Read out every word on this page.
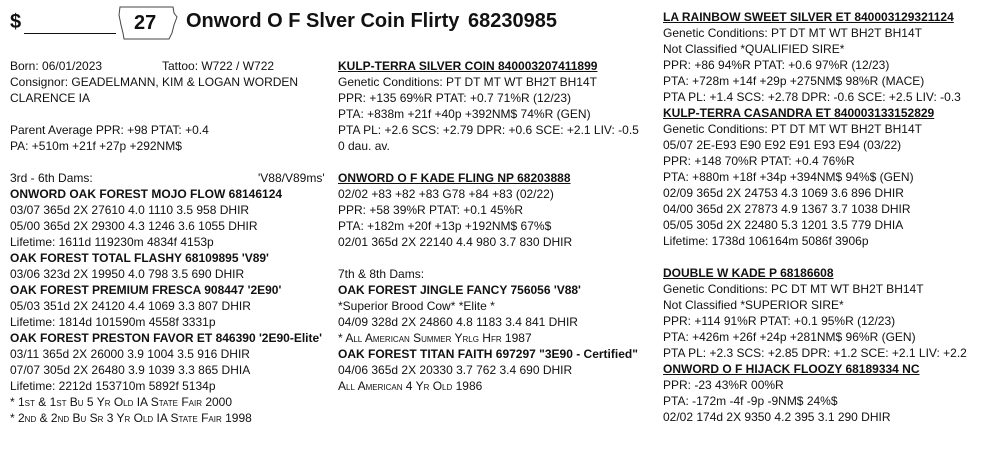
$	27 Onword O F Slver Coin Flirty 68230985
Born: 06/01/2023	Tattoo: W722 / W722
Consignor: GEADELMANN, KIM & LOGAN WORDEN
CLARENCE IA
Parent Average PPR: +98 PTAT: +0.4
PA: +510m +21f +27p +292NM$
3rd - 6th Dams:	'V88/V89ms'
ONWORD OAK FOREST MOJO FLOW 68146124
03/07 365d 2X 27610 4.0 1110 3.5 958 DHIR
05/00 365d 2X 29300 4.3 1246 3.6 1055 DHIR
Lifetime: 1611d 119230m 4834f 4153p
OAK FOREST TOTAL FLASHY 68109895 'V89'
03/06 323d 2X 19950 4.0 798 3.5 690 DHIR
OAK FOREST PREMIUM FRESCA 908447 '2E90'
05/03 351d 2X 24120 4.4 1069 3.3 807 DHIR
Lifetime: 1814d 101590m 4558f 3331p
OAK FOREST PRESTON FAVOR ET 846390 '2E90-Elite'
03/11 365d 2X 26000 3.9 1004 3.5 916 DHIR
07/07 305d 2X 26480 3.9 1039 3.3 865 DHIA
Lifetime: 2212d 153710m 5892f 5134p
* 1st & 1st Bu 5 Yr Old IA State Fair 2000
* 2nd & 2nd Bu Sr 3 Yr Old IA State Fair 1998
KULP-TERRA SILVER COIN 840003207411899
Genetic Conditions: PT DT MT WT BH2T BH14T
PPR: +135 69%R PTAT: +0.7 71%R (12/23)
PTA: +838m +21f +40p +392NM$ 74%R (GEN)
PTA PL: +2.6 SCS: +2.79 DPR: +0.6 SCE: +2.1 LIV: -0.5
0 dau. av.
ONWORD O F KADE FLING NP 68203888
02/02 +83 +82 +83 G78 +84 +83 (02/22)
PPR: +58 39%R PTAT: +0.1 45%R
PTA: +182m +20f +13p +192NM$ 67%$
02/01 365d 2X 22140 4.4 980 3.7 830 DHIR
7th & 8th Dams:
OAK FOREST JINGLE FANCY 756056 'V88'
*Superior Brood Cow* *Elite *
04/09 328d 2X 24860 4.8 1183 3.4 841 DHIR
* All American Summer Yrlg Hfr 1987
OAK FOREST TITAN FAITH 697297 "3E90 - Certified"
04/06 365d 2X 20330 3.7 762 3.4 690 DHIR
All American 4 Yr Old 1986
LA RAINBOW SWEET SILVER ET 840003129321124
Genetic Conditions: PT DT MT WT BH2T BH14T
Not Classified *QUALIFIED SIRE*
PPR: +86 94%R PTAT: +0.6 97%R (12/23)
PTA: +728m +14f +29p +275NM$ 98%R (MACE)
PTA PL: +1.4 SCS: +2.78 DPR: -0.6 SCE: +2.5 LIV: -0.3
KULP-TERRA CASANDRA ET 840003133152829
Genetic Conditions: PT DT MT WT BH2T BH14T
05/07 2E-E93 E90 E92 E91 E93 E94 (03/22)
PPR: +148 70%R PTAT: +0.4 76%R
PTA: +880m +18f +34p +394NM$ 94%$ (GEN)
02/09 365d 2X 24753 4.3 1069 3.6 896 DHIR
04/00 365d 2X 27873 4.9 1367 3.7 1038 DHIR
05/05 305d 2X 22480 5.3 1201 3.5 779 DHIA
Lifetime: 1738d 106164m 5086f 3906p
DOUBLE W KADE P 68186608
Genetic Conditions: PC DT MT WT BH2T BH14T
Not Classified *SUPERIOR SIRE*
PPR: +114 91%R PTAT: +0.1 95%R (12/23)
PTA: +426m +26f +24p +281NM$ 96%R (GEN)
PTA PL: +2.3 SCS: +2.85 DPR: +1.2 SCE: +2.1 LIV: +2.2
ONWORD O F HIJACK FLOOZY 68189334 NC
PPR: -23 43%R 00%R
PTA: -172m -4f -9p -9NM$ 24%$
02/02 174d 2X 9350 4.2 395 3.1 290 DHIR
